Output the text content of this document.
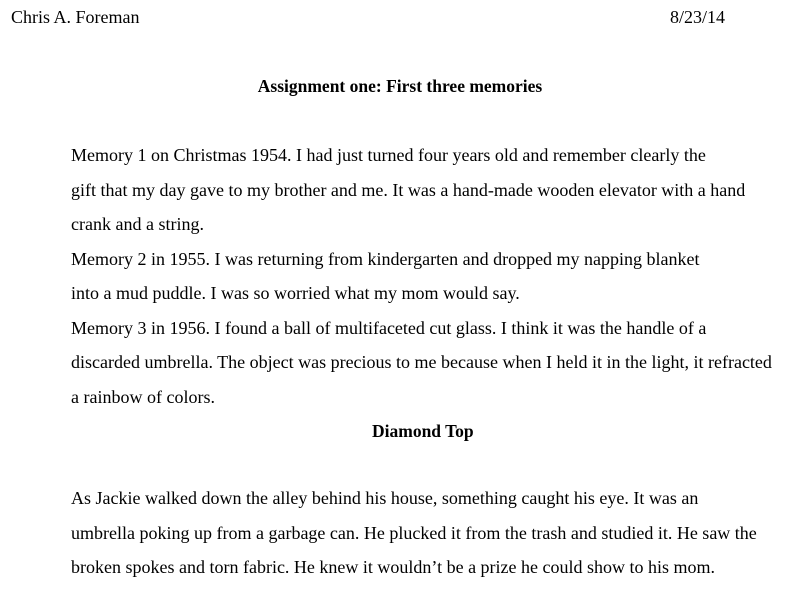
Chris A. Foreman	8/23/14
Assignment one: First three memories

Memory 1 on Christmas 1954. I had just turned four years old and remember clearly the
gift that my day gave to my brother and me. It was a hand-made wooden elevator with a hand
crank and a string.

Memory 2 in 1955. I was returning from kindergarten and dropped my napping blanket
into a mud puddle. I was so worried what my mom would say.

Memory 3 in 1956. I found a ball of multifaceted cut glass. I think it was the handle of a
discarded umbrella. The object was precious to me because when I held it in the light, it refracted
a rainbow of colors.

Diamond Top

As Jackie walked down the alley behind his house, something caught his eye. It was an
umbrella poking up from a garbage can. He plucked it from the trash and studied it. He saw the
broken spokes and torn fabric. He knew it wouldn’t be a prize he could show to his mom.
